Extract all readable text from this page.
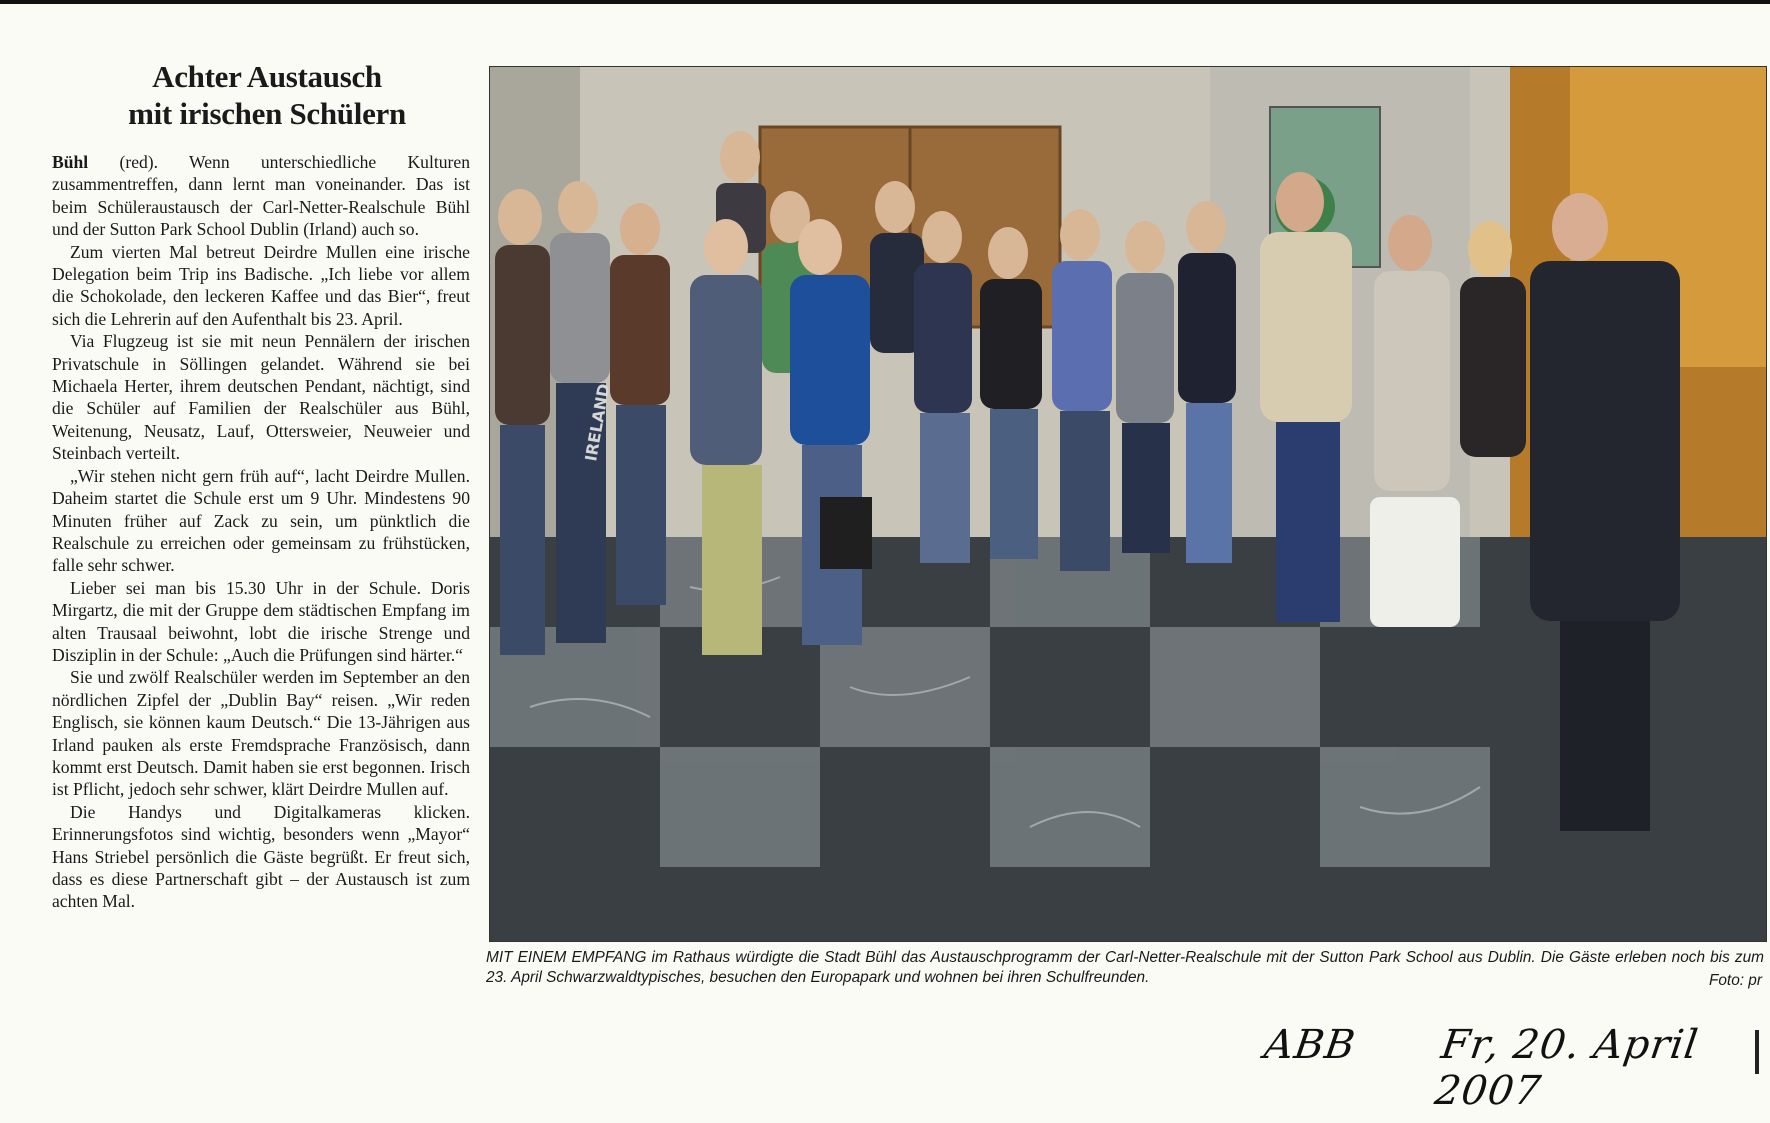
Achter Austausch
mit irischen Schülern

Bühl (red). Wenn unterschiedliche Kulturen zusammentreffen, dann lernt man voneinander. Das ist beim Schüleraustausch der Carl-Netter-Realschule Bühl und der Sutton Park School Dublin (Irland) auch so.

Zum vierten Mal betreut Deirdre Mullen eine irische Delegation beim Trip ins Badische. „Ich liebe vor allem die Schokolade, den leckeren Kaffee und das Bier“, freut sich die Lehrerin auf den Aufenthalt bis 23. April.

Via Flugzeug ist sie mit neun Pennälern der irischen Privatschule in Söllingen gelandet. Während sie bei Michaela Herter, ihrem deutschen Pendant, nächtigt, sind die Schüler auf Familien der Realschüler aus Bühl, Weitenung, Neusatz, Lauf, Ottersweier, Neuweier und Steinbach verteilt.

„Wir stehen nicht gern früh auf“, lacht Deirdre Mullen. Daheim startet die Schule erst um 9 Uhr. Mindestens 90 Minuten früher auf Zack zu sein, um pünktlich die Realschule zu erreichen oder gemeinsam zu frühstücken, falle sehr schwer.

Lieber sei man bis 15.30 Uhr in der Schule. Doris Mirgartz, die mit der Gruppe dem städtischen Empfang im alten Trausaal beiwohnt, lobt die irische Strenge und Disziplin in der Schule: „Auch die Prüfungen sind härter.“

Sie und zwölf Realschüler werden im September an den nördlichen Zipfel der „Dublin Bay“ reisen. „Wir reden Englisch, sie können kaum Deutsch.“ Die 13-Jährigen aus Irland pauken als erste Fremdsprache Französisch, dann kommt erst Deutsch. Damit haben sie erst begonnen. Irisch ist Pflicht, jedoch sehr schwer, klärt Deirdre Mullen auf.

Die Handys und Digitalkameras klicken. Erinnerungsfotos sind wichtig, besonders wenn „Mayor“ Hans Striebel persönlich die Gäste begrüßt. Er freut sich, dass es diese Partnerschaft gibt – der Austausch ist zum achten Mal.

IRELAND
MIT EINEM EMPFANG im Rathaus würdigte die Stadt Bühl das Austauschprogramm der Carl-Netter-Realschule mit der Sutton Park School aus Dublin. Die Gäste erleben noch bis zum 23. April Schwarzwaldtypisches, besuchen den Europapark und wohnen bei ihren Schulfreunden.	Foto: pr
ABB Fr, 20. April 2007
